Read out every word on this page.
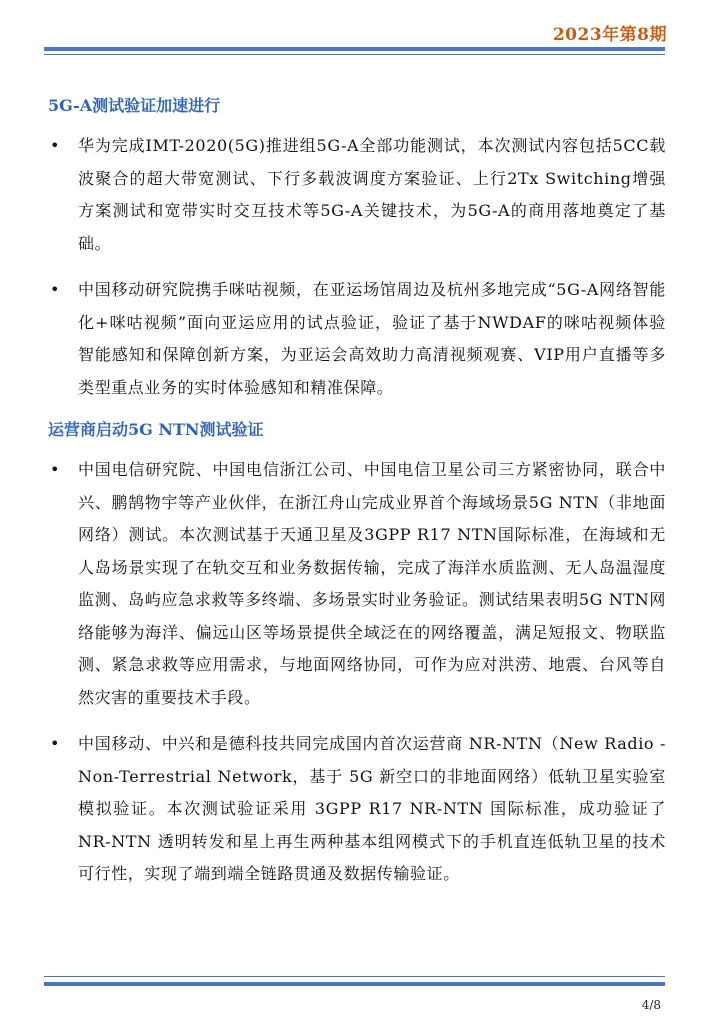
2023年第8期
5G-A测试验证加速进行
• 华为完成IMT-2020(5G)推进组5G-A全部功能测试，本次测试内容包括5CC载波聚合的超大带宽测试、下行多载波调度方案验证、上行2Tx Switching增强方案测试和宽带实时交互技术等5G-A关键技术，为5G-A的商用落地奠定了基础。
• 中国移动研究院携手咪咕视频，在亚运场馆周边及杭州多地完成“5G-A网络智能化+咪咕视频”面向亚运应用的试点验证，验证了基于NWDAF的咪咕视频体验智能感知和保障创新方案，为亚运会高效助力高清视频观赛、VIP用户直播等多类型重点业务的实时体验感知和精准保障。
运营商启动5G NTN测试验证
• 中国电信研究院、中国电信浙江公司、中国电信卫星公司三方紧密协同，联合中兴、鹏鹄物宇等产业伙伴，在浙江舟山完成业界首个海域场景5G NTN（非地面网络）测试。本次测试基于天通卫星及3GPP R17 NTN国际标准，在海域和无人岛场景实现了在轨交互和业务数据传输，完成了海洋水质监测、无人岛温湿度监测、岛屿应急求救等多终端、多场景实时业务验证。测试结果表明5G NTN网络能够为海洋、偏远山区等场景提供全域泛在的网络覆盖，满足短报文、物联监测、紧急求救等应用需求，与地面网络协同，可作为应对洪涝、地震、台风等自然灾害的重要技术手段。
• 中国移动、中兴和是德科技共同完成国内首次运营商 NR-NTN（New Radio - Non-Terrestrial Network，基于 5G 新空口的非地面网络）低轨卫星实验室模拟验证。本次测试验证采用 3GPP R17 NR-NTN 国际标准，成功验证了 NR-NTN 透明转发和星上再生两种基本组网模式下的手机直连低轨卫星的技术可行性，实现了端到端全链路贯通及数据传输验证。
4/8
